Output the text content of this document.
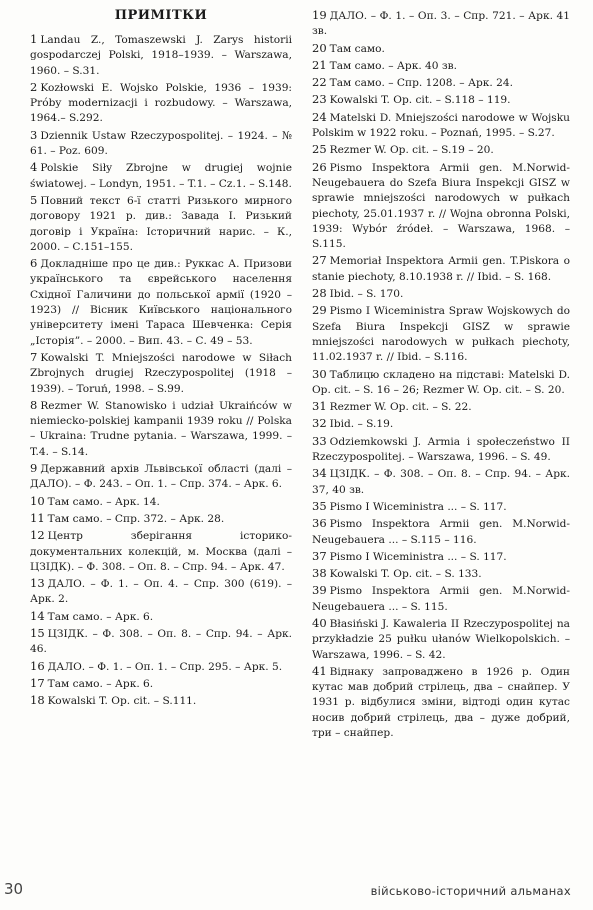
ПРИМІТКИ
1 Landau Z., Tomaszewski J. Zarys historii gospodarczej Polski, 1918–1939. – Warszawa, 1960. – S.31.
2 Kozłowski E. Wojsko Polskie, 1936 – 1939: Próby modernizacji i rozbudowy. – Warszawa, 1964.– S.292.
3 Dziennik Ustaw Rzeczypospolitej. – 1924. – № 61. – Poz. 609.
4 Polskie Siły Zbrojne w drugiej wojnie światowej. – Londyn, 1951. – T.1. – Cz.1. – S.148.
5 Повний текст 6-ї статті Ризького мирного договору 1921 р. див.: Завада І. Ризький договір і Україна: Історичний нарис. – К., 2000. – С.151–155.
6 Докладніше про це див.: Руккас А. Призови українського та єврейського населення Східної Галичини до польської армії (1920 – 1923) // Вісник Київського національного університету імені Тараса Шевченка: Серія „Історія”. – 2000. – Вип. 43. – С. 49 – 53.
7 Kowalski T. Mniejszości narodowe w Siłach Zbrojnych drugiej Rzeczypospolitej (1918 – 1939). – Toruń, 1998. – S.99.
8 Rezmer W. Stanowisko i udział Ukraińców w niemiecko-polskiej kampanii 1939 roku // Polska – Ukraina: Trudne pytania. – Warszawa, 1999. – T.4. – S.14.
9 Державний архів Львівської області (далі – ДАЛО). – Ф. 243. – Оп. 1. – Спр. 374. – Арк. 6.
10 Там само. – Арк. 14.
11 Там само. – Спр. 372. – Арк. 28.
12 Центр зберігання історико-документальних колекцій, м. Москва (далі – ЦЗІДК). – Ф. 308. – Оп. 8. – Спр. 94. – Арк. 47.
13 ДАЛО. – Ф. 1. – Оп. 4. – Спр. 300 (619). – Арк. 2.
14 Там само. – Арк. 6.
15 ЦЗІДК. – Ф. 308. – Оп. 8. – Спр. 94. – Арк. 46.
16 ДАЛО. – Ф. 1. – Оп. 1. – Спр. 295. – Арк. 5.
17 Там само. – Арк. 6.
18 Kowalski T. Op. cit. – S.111.
19 ДАЛО. – Ф. 1. – Оп. 3. – Спр. 721. – Арк. 41 зв.
20 Там само.
21 Там само. – Арк. 40 зв.
22 Там само. – Спр. 1208. – Арк. 24.
23 Kowalski T. Op. cit. – S.118 – 119.
24 Matelski D. Mniejszości narodowe w Wojsku Polskim w 1922 roku. – Poznań, 1995. – S.27.
25 Rezmer W. Op. cit. – S.19 – 20.
26 Pismo Inspektora Armii gen. M.Norwid-Neugebauera do Szefa Biura Inspekcji GISZ w sprawie mniejszości narodowych w pułkach piechoty, 25.01.1937 r. // Wojna obronna Polski, 1939: Wybór źródeł. – Warszawa, 1968. – S.115.
27 Memoriał Inspektora Armii gen. T.Piskora o stanie piechoty, 8.10.1938 r. // Ibid. – S. 168.
28 Ibid. – S. 170.
29 Pismo I Wiceministra Spraw Wojskowych do Szefa Biura Inspekcji GISZ w sprawie mniejszości narodowych w pułkach piechoty, 11.02.1937 r. // Ibid. – S.116.
30 Таблицю складено на підставі: Matelski D. Op. cit. – S. 16 – 26; Rezmer W. Op. cit. – S. 20.
31 Rezmer W. Op. cit. – S. 22.
32 Ibid. – S.19.
33 Odziemkowski J. Armia i społeczeństwo II Rzeczypospolitej. – Warszawa, 1996. – S. 49.
34 ЦЗІДК. – Ф. 308. – Оп. 8. – Спр. 94. – Арк. 37, 40 зв.
35 Pismo I Wiceministra ... – S. 117.
36 Pismo Inspektora Armii gen. M.Norwid-Neugebauera ... – S.115 – 116.
37 Pismo I Wiceministra ... – S. 117.
38 Kowalski T. Op. cit. – S. 133.
39 Pismo Inspektora Armii gen. M.Norwid-Neugebauera ... – S. 115.
40 Błasiński J. Kawaleria II Rzeczypospolitej na przykładzie 25 pułku ułanów Wielkopolskich. – Warszawa, 1996. – S. 42.
41 Віднаку запроваджено в 1926 р. Один кутас мав добрий стрілець, два – снайпер. У 1931 р. відбулися зміни, відтоді один кутас носив добрий стрілець, два – дуже добрий, три – снайпер.
30	військово-історичний альманах
